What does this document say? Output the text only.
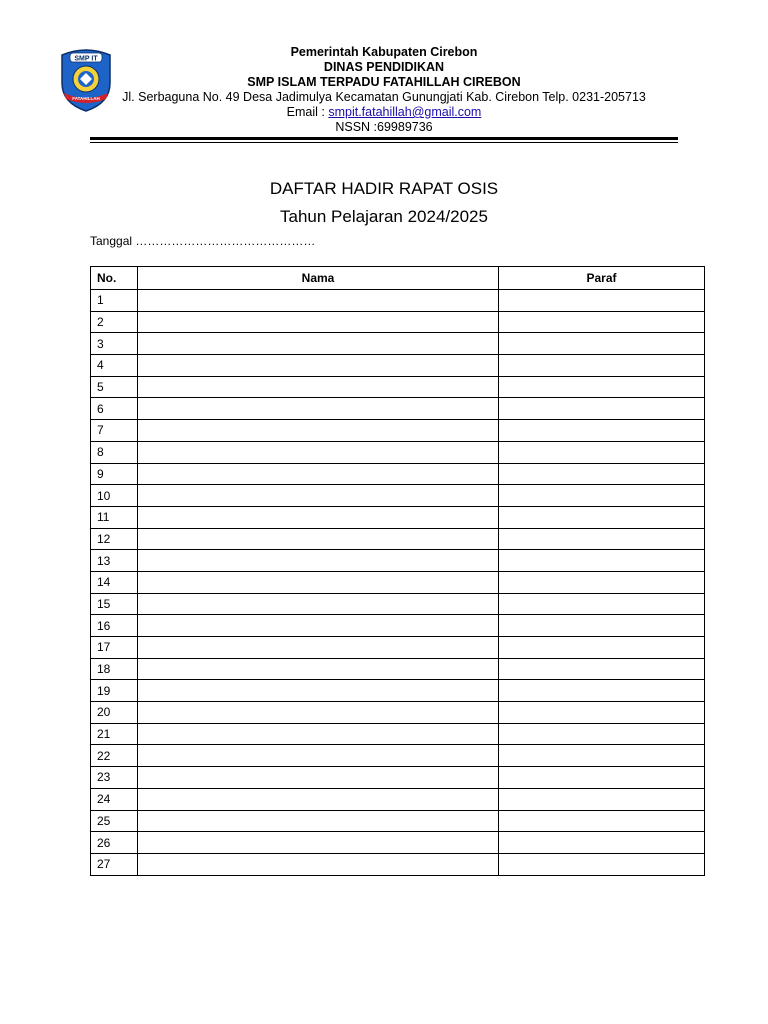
SMP IT
FATAHILLAH
Pemerintah Kabupaten Cirebon
DINAS PENDIDIKAN
SMP ISLAM TERPADU FATAHILLAH CIREBON
Jl. Serbaguna No. 49 Desa Jadimulya Kecamatan Gunungjati Kab. Cirebon Telp. 0231-205713
Email : smpit.fatahillah@gmail.com
NSSN :69989736
DAFTAR HADIR RAPAT OSIS
Tahun Pelajaran 2024/2025
Tanggal ………………………………………
No.	Nama	Paraf
1		
2		
3		
4		
5		
6		
7		
8		
9		
10		
11		
12		
13		
14		
15		
16		
17		
18		
19		
20		
21		
22		
23		
24		
25		
26		
27		
